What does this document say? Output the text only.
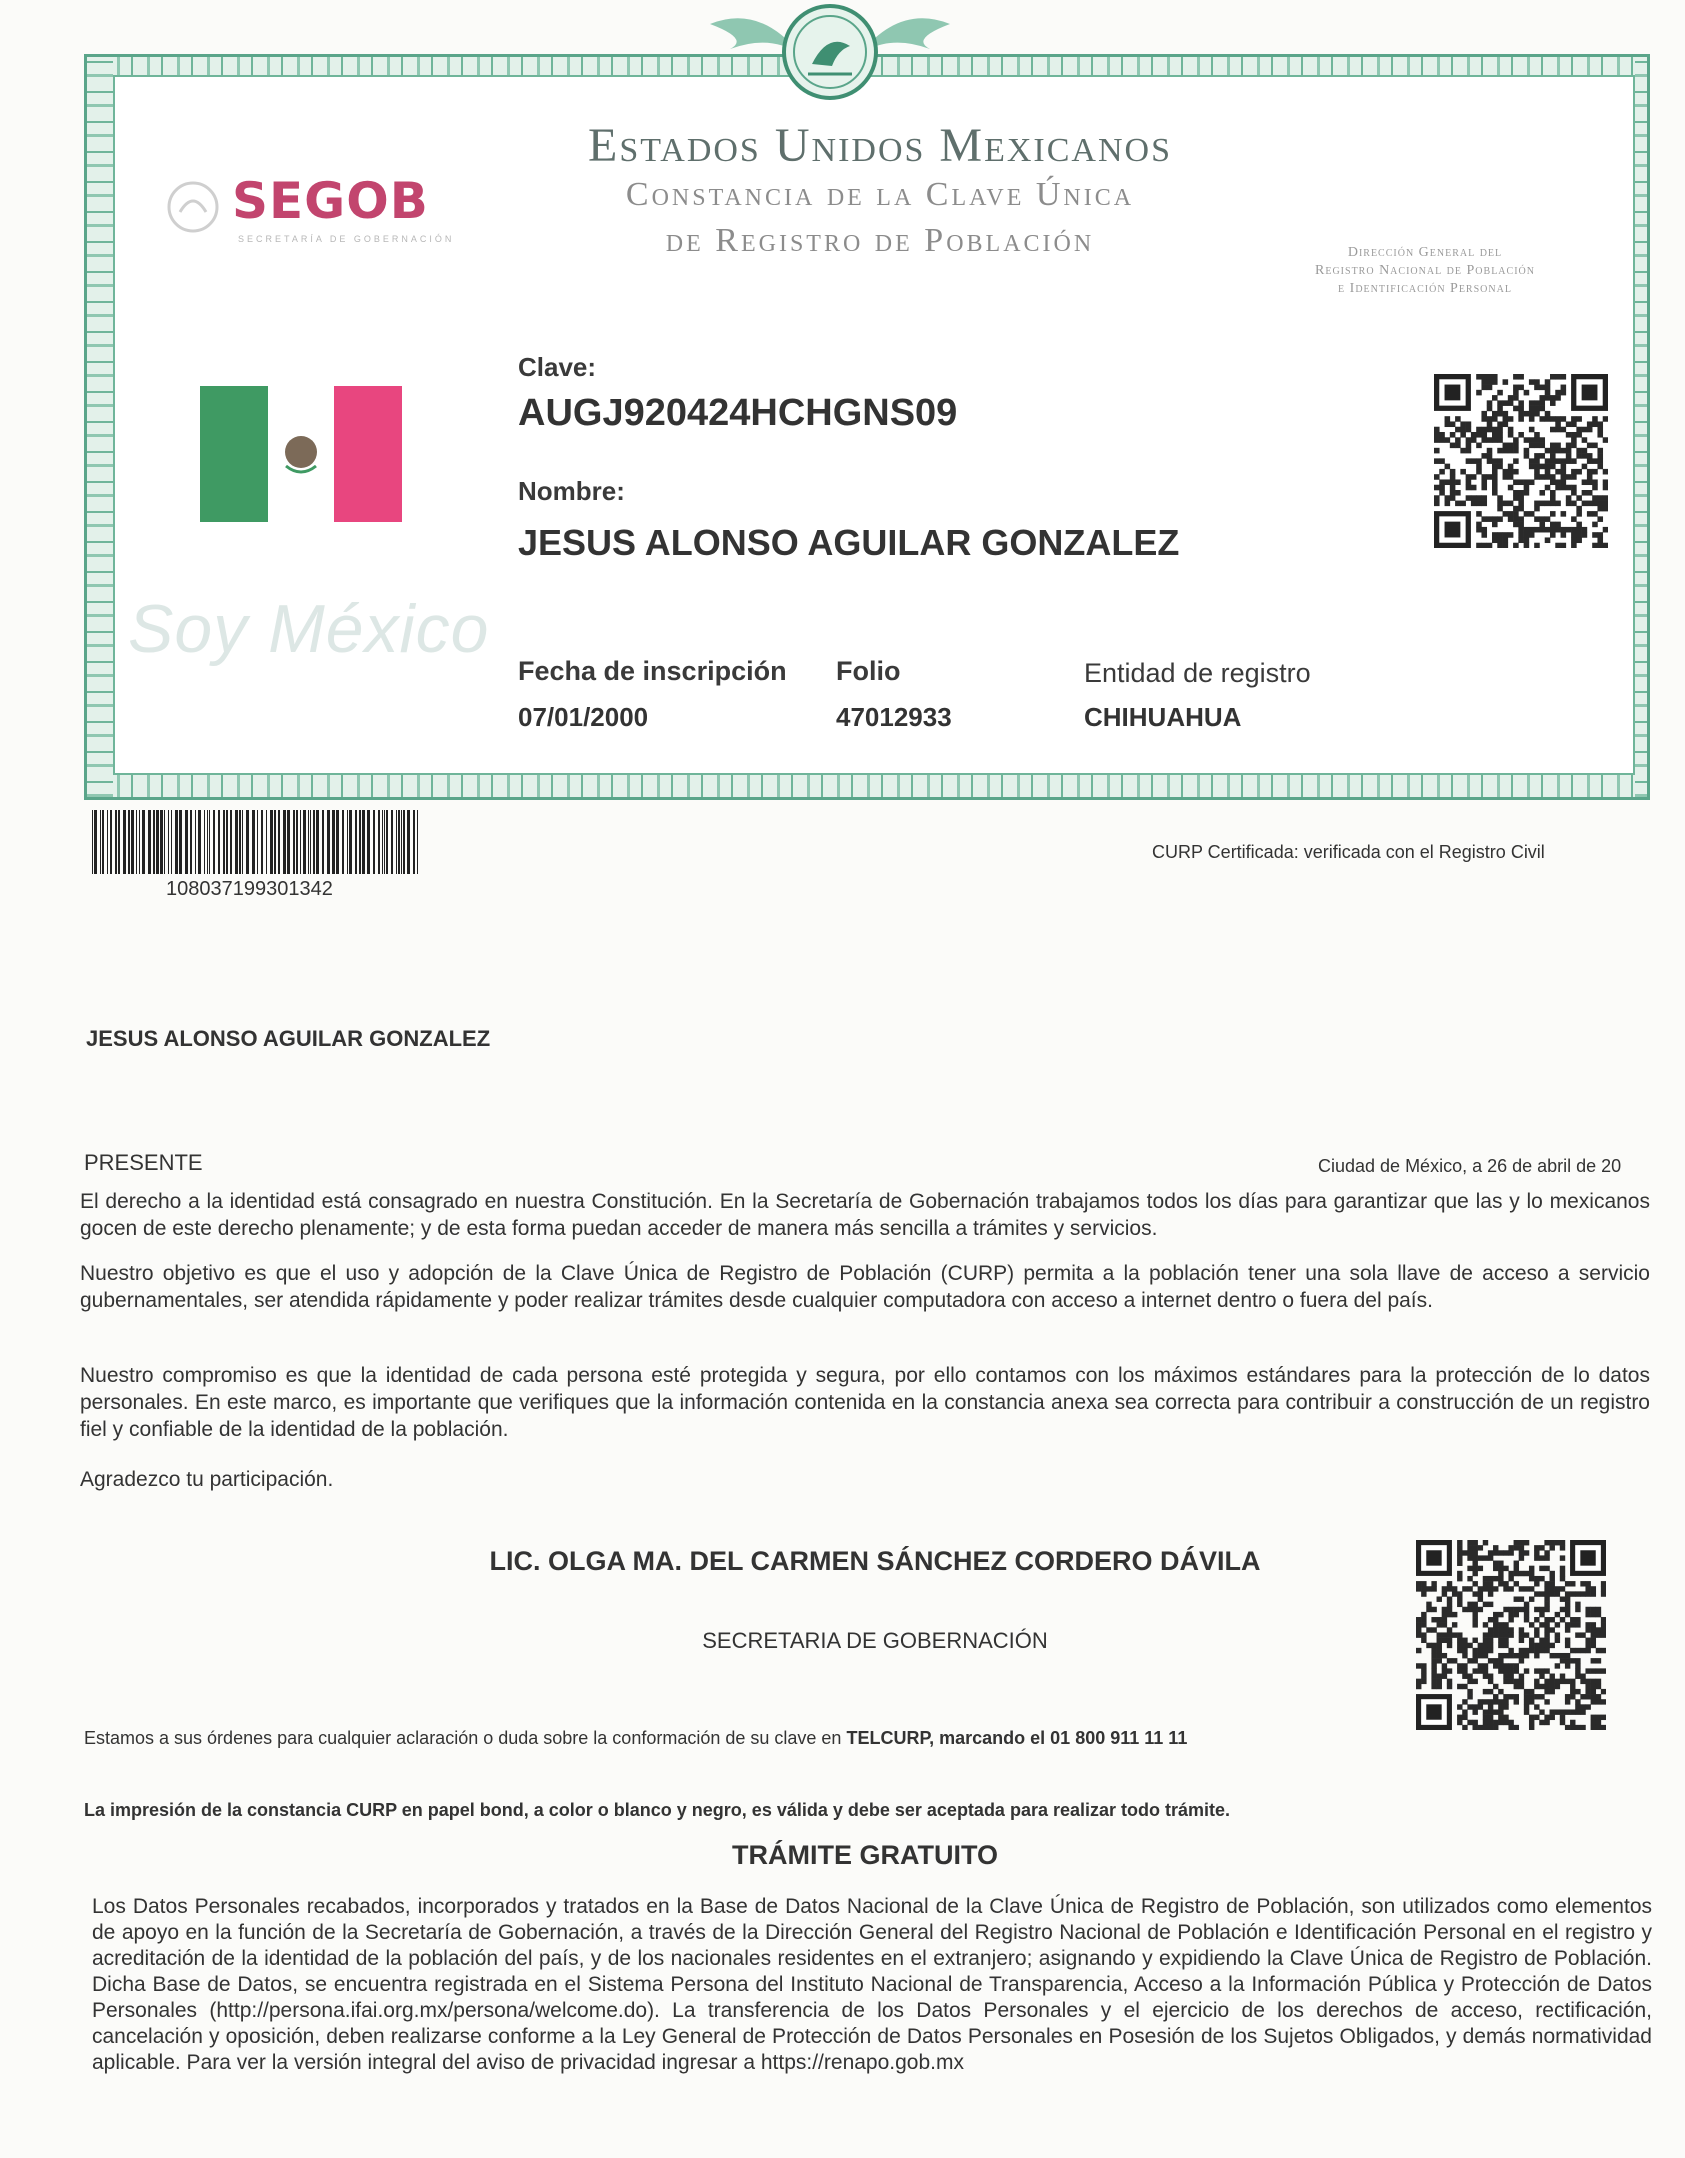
SEGOB
SECRETARÍA DE GOBERNACIÓN
Estados Unidos Mexicanos
Constancia de la Clave Única
de Registro de Población	Dirección General del
Registro Nacional de Población
e Identificación Personal
Soy México
Clave:
AUGJ920424HCHGNS09
Nombre:
JESUS ALONSO AGUILAR GONZALEZ
Fecha de inscripción
07/01/2000
Folio
47012933
Entidad de registro
CHIHUAHUA
108037199301342
CURP Certificada: verificada con el Registro Civil
JESUS ALONSO AGUILAR GONZALEZ
PRESENTE	Ciudad de México, a 26 de abril de 20
El derecho a la identidad está consagrado en nuestra Constitución. En la Secretaría de Gobernación trabajamos todos los días para garantizar que las y lo mexicanos gocen de este derecho plenamente; y de esta forma puedan acceder de manera más sencilla a trámites y servicios.
Nuestro objetivo es que el uso y adopción de la Clave Única de Registro de Población (CURP) permita a la población tener una sola llave de acceso a servicio gubernamentales, ser atendida rápidamente y poder realizar trámites desde cualquier computadora con acceso a internet dentro o fuera del país.
Nuestro compromiso es que la identidad de cada persona esté protegida y segura, por ello contamos con los máximos estándares para la protección de lo datos personales. En este marco, es importante que verifiques que la información contenida en la constancia anexa sea correcta para contribuir a construcción de un registro fiel y confiable de la identidad de la población.
Agradezco tu participación.
LIC. OLGA MA. DEL CARMEN SÁNCHEZ CORDERO DÁVILA
SECRETARIA DE GOBERNACIÓN
Estamos a sus órdenes para cualquier aclaración o duda sobre la conformación de su clave en TELCURP, marcando el 01 800 911 11 11
La impresión de la constancia CURP en papel bond, a color o blanco y negro, es válida y debe ser aceptada para realizar todo trámite.
TRÁMITE GRATUITO
Los Datos Personales recabados, incorporados y tratados en la Base de Datos Nacional de la Clave Única de Registro de Población, son utilizados como elementos de apoyo en la función de la Secretaría de Gobernación, a través de la Dirección General del Registro Nacional de Población e Identificación Personal en el registro y acreditación de la identidad de la población del país, y de los nacionales residentes en el extranjero; asignando y expidiendo la Clave Única de Registro de Población. Dicha Base de Datos, se encuentra registrada en el Sistema Persona del Instituto Nacional de Transparencia, Acceso a la Información Pública y Protección de Datos Personales (http://persona.ifai.org.mx/persona/welcome.do). La transferencia de los Datos Personales y el ejercicio de los derechos de acceso, rectificación, cancelación y oposición, deben realizarse conforme a la Ley General de Protección de Datos Personales en Posesión de los Sujetos Obligados, y demás normatividad aplicable. Para ver la versión integral del aviso de privacidad ingresar a https://renapo.gob.mx
